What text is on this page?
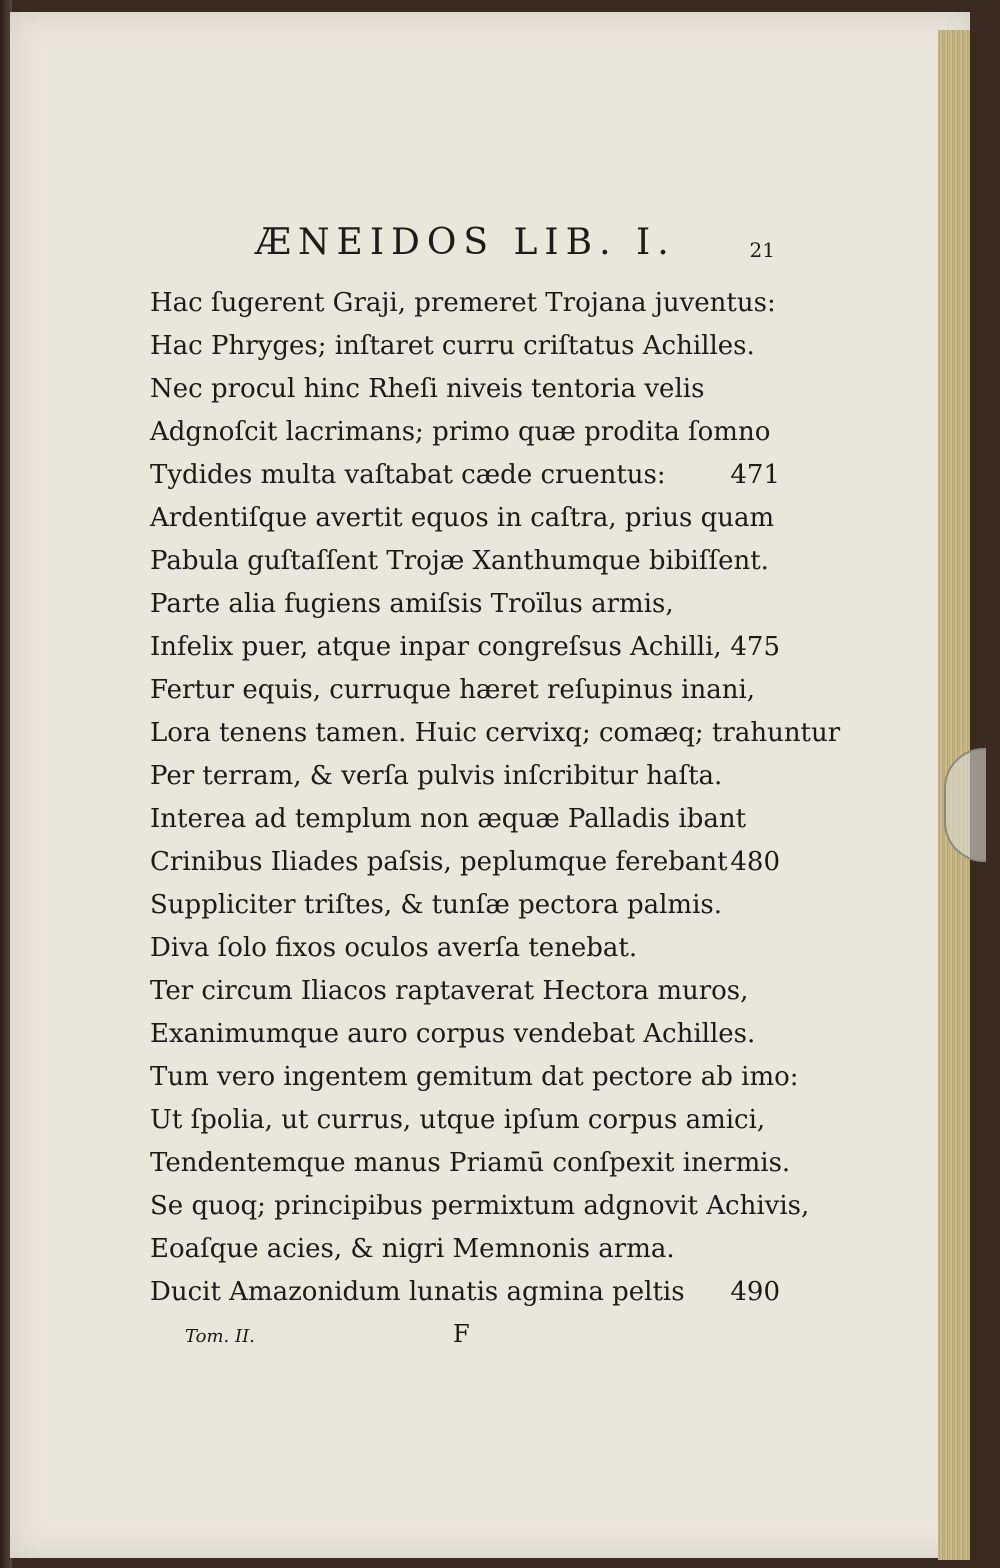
ÆNEIDOS LIB. I.	21
Hac ſugerent Graji, premeret Trojana juventus:
Hac Phryges; inſtaret curru criſtatus Achilles.
Nec procul hinc Rheſi niveis tentoria velis
Adgnoſcit lacrimans; primo quæ prodita ſomno
Tydides multa vaſtabat cæde cruentus: 471
Ardentiſque avertit equos in caſtra, prius quam
Pabula guſtaſſent Trojæ Xanthumque bibiſſent.
Parte alia fugiens amiſsis Troïlus armis,
Infelix puer, atque inpar congreſsus Achilli, 475
Fertur equis, curruque hæret reſupinus inani,
Lora tenens tamen. Huic cervixq; comæq; trahuntur
Per terram, & verſa pulvis inſcribitur haſta.
Interea ad templum non æquæ Palladis ibant
Crinibus Iliades paſsis, peplumque ferebant 480
Suppliciter triſtes, & tunſæ pectora palmis.
Diva ſolo fixos oculos averſa tenebat.
Ter circum Iliacos raptaverat Hectora muros,
Exanimumque auro corpus vendebat Achilles.
Tum vero ingentem gemitum dat pectore ab imo:
Ut ſpolia, ut currus, utque ipſum corpus amici,
Tendentemque manus Priamū conſpexit inermis.
Se quoq; principibus permixtum adgnovit Achivis,
Eoaſque acies, & nigri Memnonis arma.
Ducit Amazonidum lunatis agmina peltis 490
Tom. II.	F
